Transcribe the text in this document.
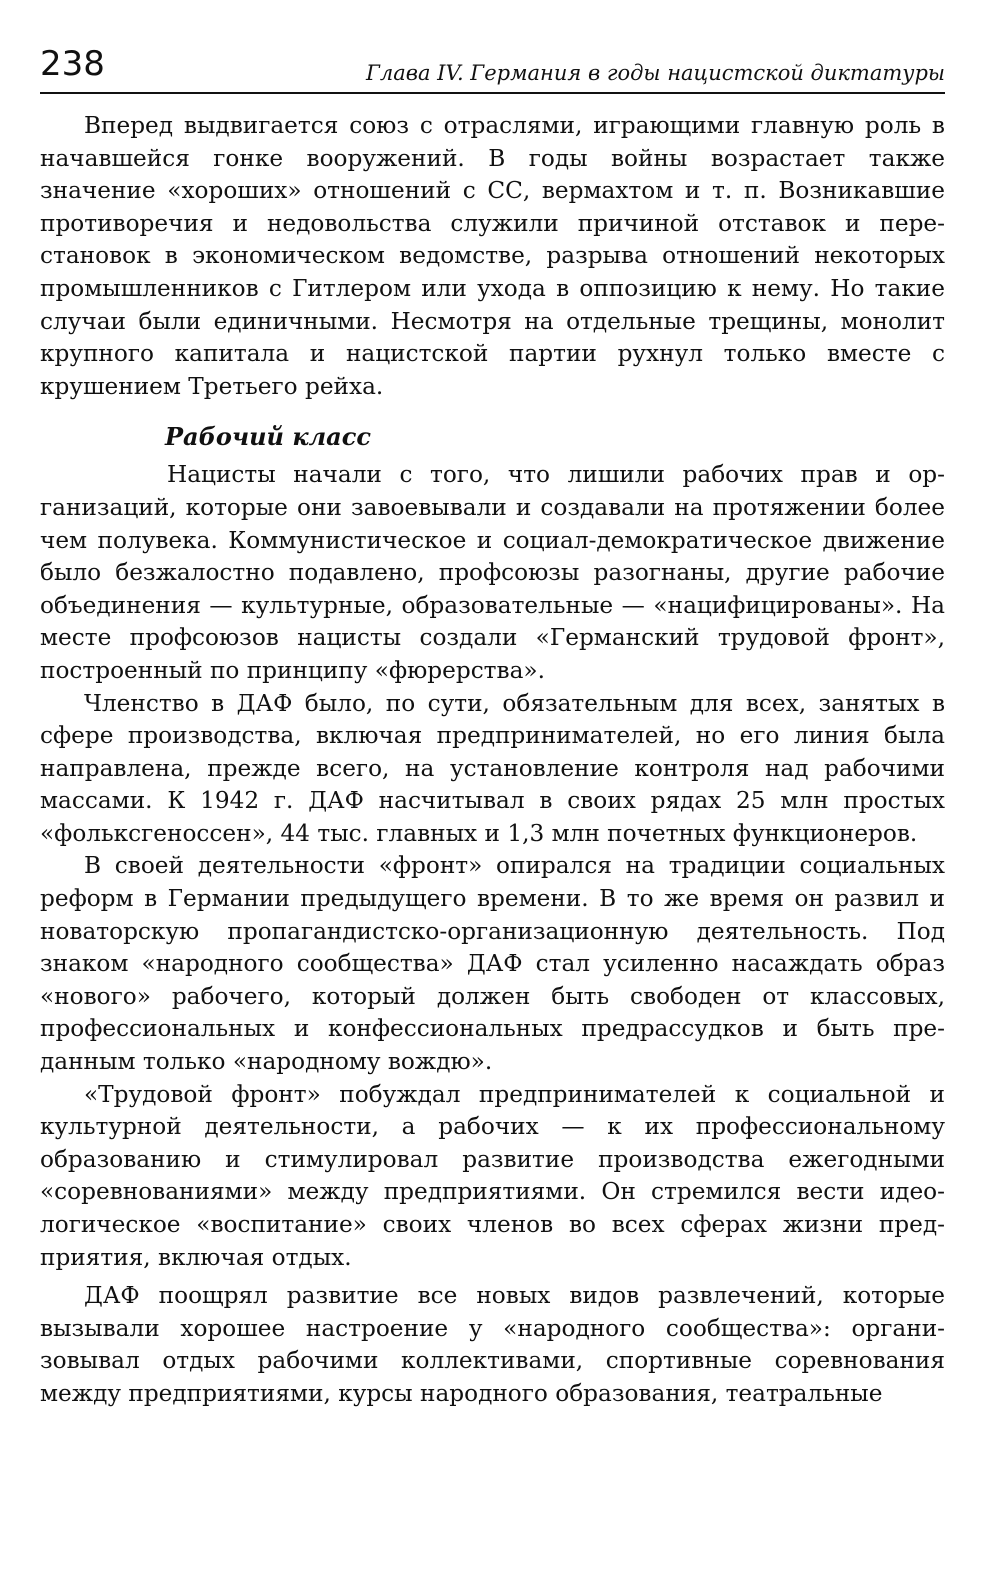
238	Глава IV. Германия в годы нацистской диктатуры

Вперед выдвигается союз с отраслями, играющими главную роль в начавшейся гонке вооружений. В годы войны возрастает также значение «хороших» отношений с СС, вермахтом и т. п. Возникавшие противоречия и недовольства служили причиной отставок и перестановок в экономическом ведомстве, разрыва отношений некоторых промышленников с Гитлером или ухода в оппозицию к нему. Но такие случаи были единичными. Несмотря на отдельные трещины, монолит крупного капитала и нацистской партии рухнул только вместе с крушением Третьего рейха.

Рабочий класс

Нацисты начали с того, что лишили рабочих прав и организаций, которые они завоевывали и создавали на протяжении более чем полувека. Коммунистическое и социал-демократическое движение было безжалостно подавлено, профсоюзы разогнаны, другие рабочие объединения — культурные, образовательные — «нацифицированы». На месте профсоюзов нацисты создали «Германский трудовой фронт», построенный по принципу «фюрерства».

Членство в ДАФ было, по сути, обязательным для всех, занятых в сфере производства, включая предпринимателей, но его линия была направлена, прежде всего, на установление контроля над рабочими массами. К 1942 г. ДАФ насчитывал в своих рядах 25 млн простых «фольксгеноссен», 44 тыс. главных и 1,3 млн почетных функционеров.

В своей деятельности «фронт» опирался на традиции социальных реформ в Германии предыдущего времени. В то же время он развил и новаторскую пропагандистско-организационную деятельность. Под знаком «народного сообщества» ДАФ стал усиленно насаждать образ «нового» рабочего, который должен быть свободен от классовых, профессиональных и конфессиональных предрассудков и быть преданным только «народному вождю».

«Трудовой фронт» побуждал предпринимателей к социальной и культурной деятельности, а рабочих — к их профессиональному образованию и стимулировал развитие производства ежегодными «соревнованиями» между предприятиями. Он стремился вести идеологическое «воспитание» своих членов во всех сферах жизни предприятия, включая отдых.

ДАФ поощрял развитие все новых видов развлечений, которые вызывали хорошее настроение у «народного сообщества»: организовывал отдых рабочими коллективами, спортивные соревнования между предприятиями, курсы народного образования, театральные
